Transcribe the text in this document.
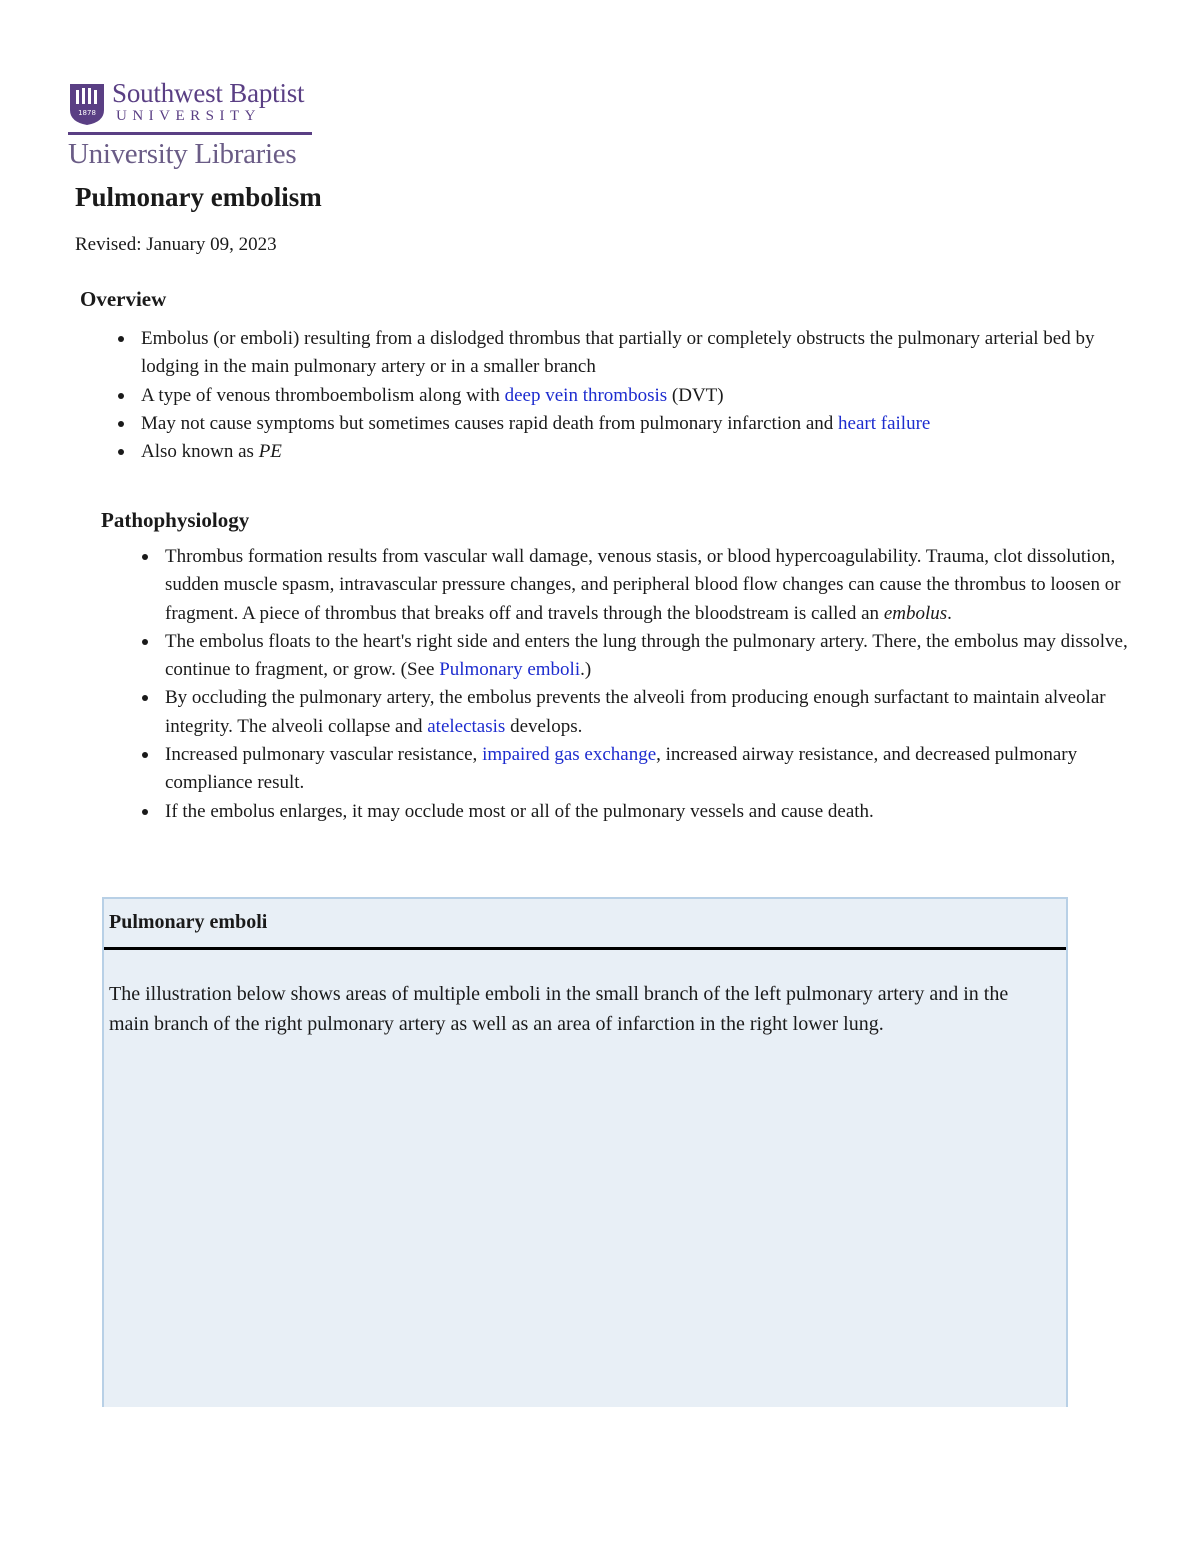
1878
Southwest Baptist
UNIVERSITY
University Libraries
Pulmonary embolism
Revised: January 09, 2023
Overview
Embolus (or emboli) resulting from a dislodged thrombus that partially or completely obstructs the pulmonary arterial bed by lodging in the main pulmonary artery or in a smaller branch
A type of venous thromboembolism along with deep vein thrombosis (DVT)
May not cause symptoms but sometimes causes rapid death from pulmonary infarction and heart failure
Also known as PE
Pathophysiology
Thrombus formation results from vascular wall damage, venous stasis, or blood hypercoagulability. Trauma, clot dissolution, sudden muscle spasm, intravascular pressure changes, and peripheral blood flow changes can cause the thrombus to loosen or fragment. A piece of thrombus that breaks off and travels through the bloodstream is called an embolus.
The embolus floats to the heart's right side and enters the lung through the pulmonary artery. There, the embolus may dissolve, continue to fragment, or grow. (See Pulmonary emboli.)
By occluding the pulmonary artery, the embolus prevents the alveoli from producing enough surfactant to maintain alveolar integrity. The alveoli collapse and atelectasis develops.
Increased pulmonary vascular resistance, impaired gas exchange, increased airway resistance, and decreased pulmonary compliance result.
If the embolus enlarges, it may occlude most or all of the pulmonary vessels and cause death.
Pulmonary emboli
The illustration below shows areas of multiple emboli in the small branch of the left pulmonary artery and in the main branch of the right pulmonary artery as well as an area of infarction in the right lower lung.
